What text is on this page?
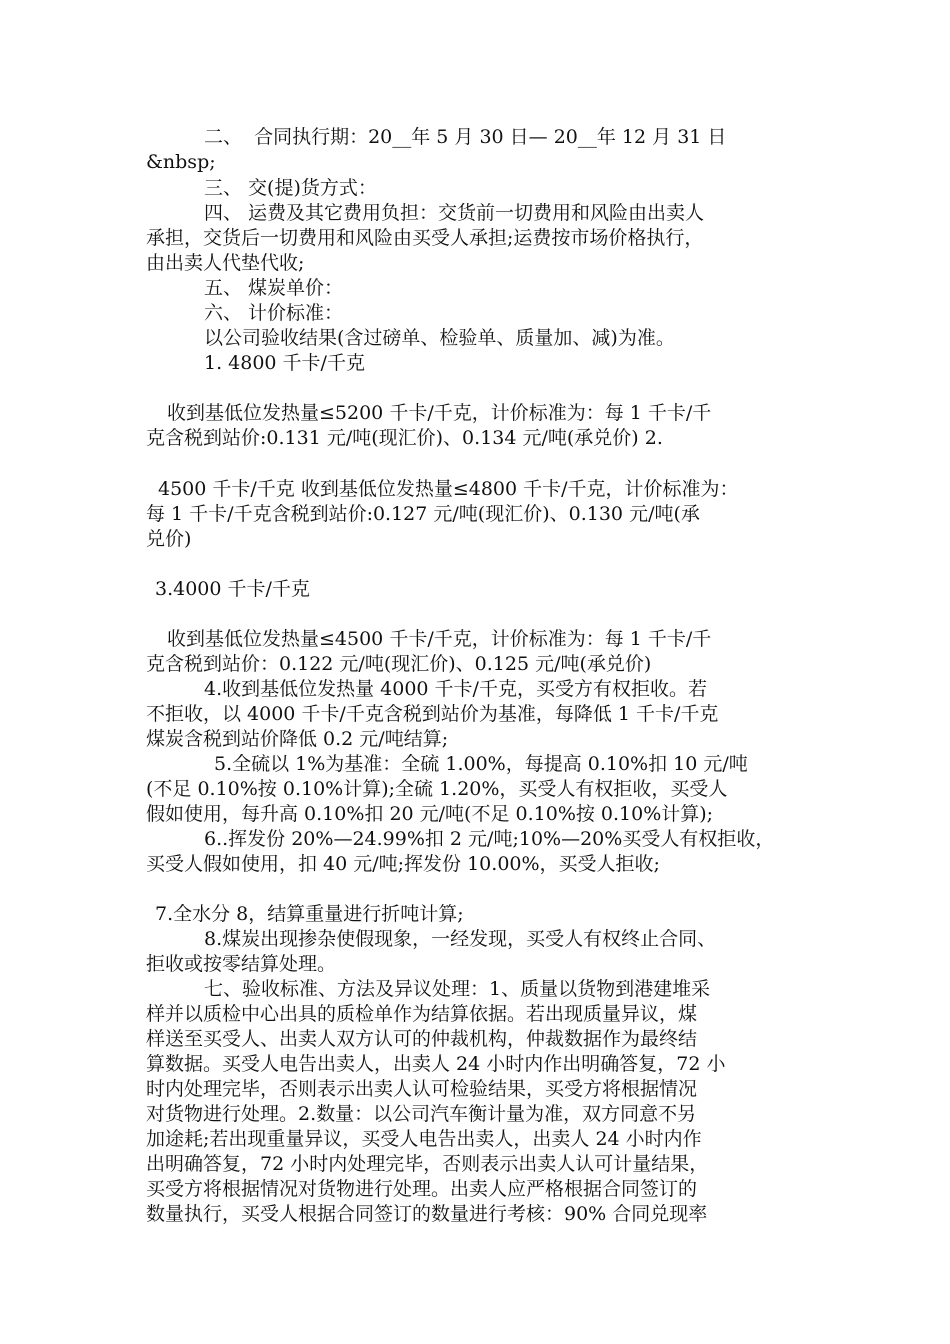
二、  合同执行期：20__年 5 月 30 日— 20__年 12 月 31 日
&nbsp;
三、 交(提)货方式：
四、 运费及其它费用负担：交货前一切费用和风险由出卖人
承担，交货后一切费用和风险由买受人承担;运费按市场价格执行，
由出卖人代垫代收;
五、 煤炭单价：
六、 计价标准：
以公司验收结果(含过磅单、检验单、质量加、减)为准。
1. 4800 千卡/千克
收到基低位发热量≤5200 千卡/千克，计价标准为：每 1 千卡/千
克含税到站价:0.131 元/吨(现汇价)、0.134 元/吨(承兑价) 2.
4500 千卡/千克 收到基低位发热量≤4800 千卡/千克，计价标准为：
每 1 千卡/千克含税到站价:0.127 元/吨(现汇价)、0.130 元/吨(承
兑价)
3.4000 千卡/千克
收到基低位发热量≤4500 千卡/千克，计价标准为：每 1 千卡/千
克含税到站价：0.122 元/吨(现汇价)、0.125 元/吨(承兑价)
4.收到基低位发热量 4000 千卡/千克，买受方有权拒收。若
不拒收，以 4000 千卡/千克含税到站价为基准，每降低 1 千卡/千克
煤炭含税到站价降低 0.2 元/吨结算;
5.全硫以 1%为基准：全硫 1.00%，每提高 0.10%扣 10 元/吨
(不足 0.10%按 0.10%计算);全硫 1.20%，买受人有权拒收，买受人
假如使用，每升高 0.10%扣 20 元/吨(不足 0.10%按 0.10%计算);
6..挥发份 20%—24.99%扣 2 元/吨;10%—20%买受人有权拒收，
买受人假如使用，扣 40 元/吨;挥发份 10.00%，买受人拒收;
7.全水分 8，结算重量进行折吨计算;
8.煤炭出现掺杂使假现象，一经发现，买受人有权终止合同、
拒收或按零结算处理。
七、验收标准、方法及异议处理：1、质量以货物到港建堆采
样并以质检中心出具的质检单作为结算依据。若出现质量异议，煤
样送至买受人、出卖人双方认可的仲裁机构，仲裁数据作为最终结
算数据。买受人电告出卖人，出卖人 24 小时内作出明确答复，72 小
时内处理完毕，否则表示出卖人认可检验结果，买受方将根据情况
对货物进行处理。2.数量：以公司汽车衡计量为准，双方同意不另
加途耗;若出现重量异议，买受人电告出卖人，出卖人 24 小时内作
出明确答复，72 小时内处理完毕，否则表示出卖人认可计量结果，
买受方将根据情况对货物进行处理。出卖人应严格根据合同签订的
数量执行，买受人根据合同签订的数量进行考核：90% 合同兑现率
